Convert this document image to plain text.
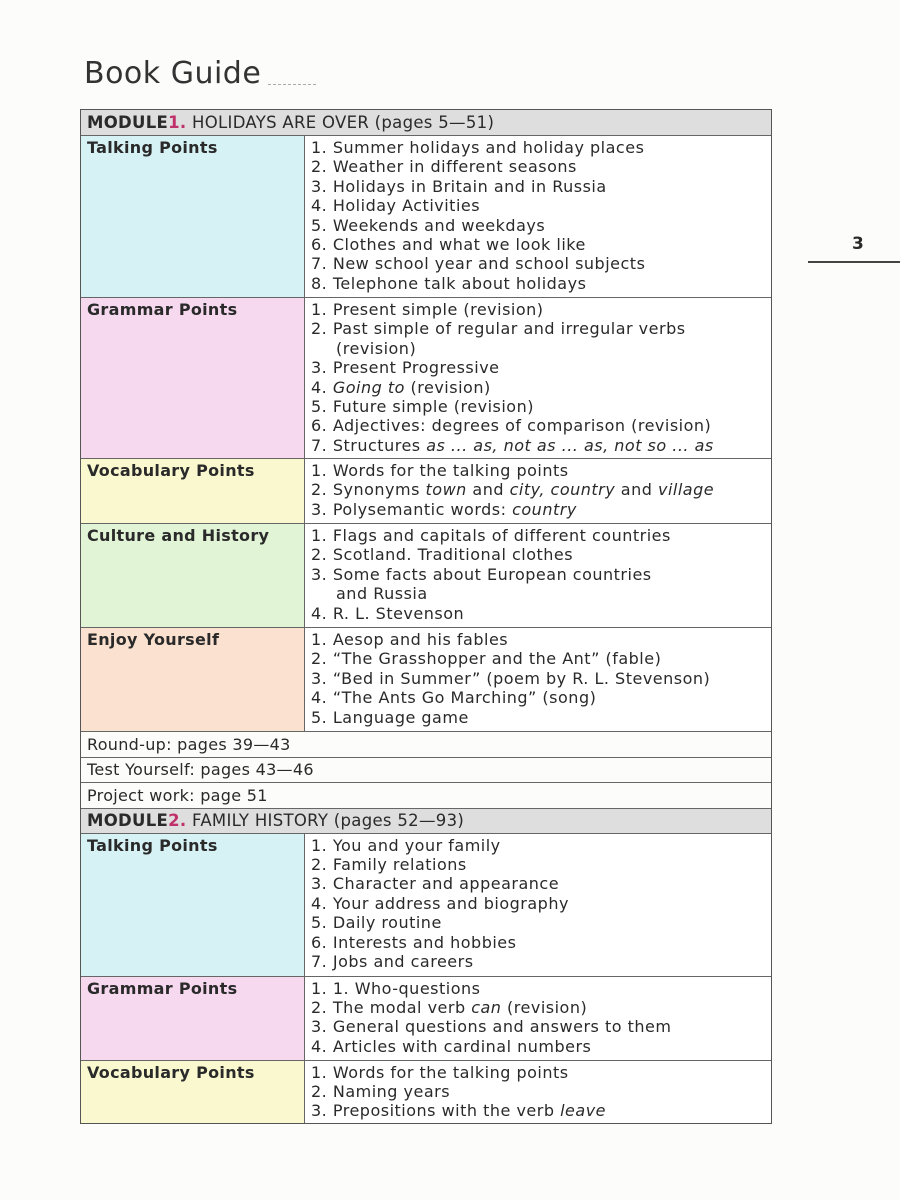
Book Guide
3
MODULE 1. HOLIDAYS ARE OVER (pages 5—51)
Talking Points	1. Summer holidays and holiday places
2. Weather in different seasons
3. Holidays in Britain and in Russia
4. Holiday Activities
5. Weekends and weekdays
6. Clothes and what we look like
7. New school year and school subjects
8. Telephone talk about holidays
Grammar Points	1. Present simple (revision)
2. Past simple of regular and irregular verbs
(revision)
3. Present Progressive
4. Going to (revision)
5. Future simple (revision)
6. Adjectives: degrees of comparison (revision)
7. Structures as ... as, not as ... as, not so ... as
Vocabulary Points	1. Words for the talking points
2. Synonyms town and city, country and village
3. Polysemantic words: country
Culture and History	1. Flags and capitals of different countries
2. Scotland. Traditional clothes
3. Some facts about European countries
and Russia
4. R. L. Stevenson
Enjoy Yourself	1. Aesop and his fables
2. “The Grasshopper and the Ant” (fable)
3. “Bed in Summer” (poem by R. L. Stevenson)
4. “The Ants Go Marching” (song)
5. Language game
Round-up: pages 39—43
Test Yourself: pages 43—46
Project work: page 51
MODULE 2. FAMILY HISTORY (pages 52—93)
Talking Points	1. You and your family
2. Family relations
3. Character and appearance
4. Your address and biography
5. Daily routine
6. Interests and hobbies
7. Jobs and careers
Grammar Points	1. 1. Who-questions
2. The modal verb can (revision)
3. General questions and answers to them
4. Articles with cardinal numbers
Vocabulary Points	1. Words for the talking points
2. Naming years
3. Prepositions with the verb leave
